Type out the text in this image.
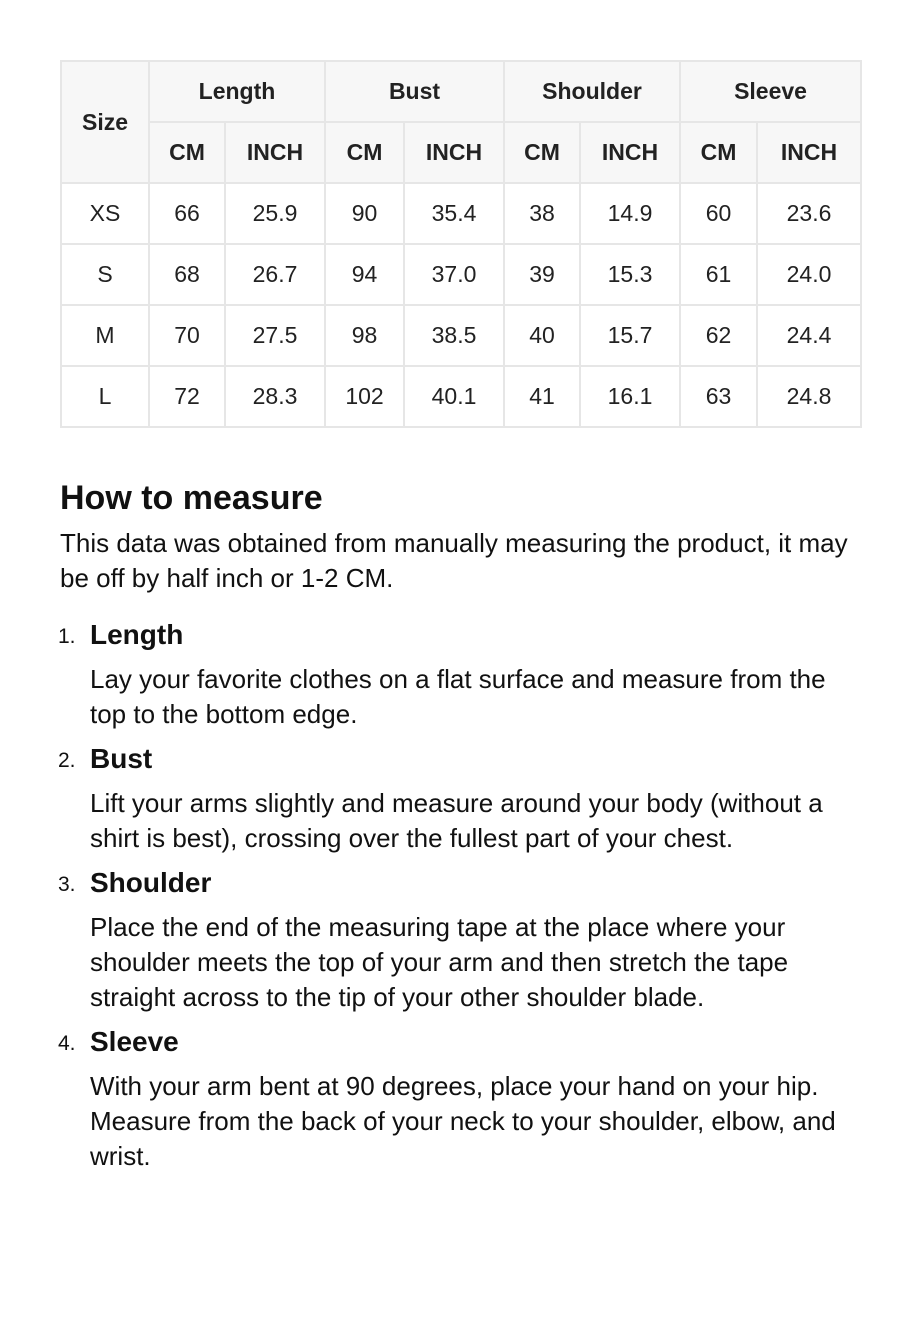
Size	Length		Bust		Shoulder		Sleeve	
	CM	INCH	CM	INCH	CM	INCH	CM	INCH
XS	66	25.9	90	35.4	38	14.9	60	23.6
S	68	26.7	94	37.0	39	15.3	61	24.0
M	70	27.5	98	38.5	40	15.7	62	24.4
L	72	28.3	102	40.1	41	16.1	63	24.8
How to measure

This data was obtained from manually measuring the product, it may be off by half inch or 1-2 CM.

1. Length

Lay your favorite clothes on a flat surface and measure from the top to the bottom edge.

2. Bust

Lift your arms slightly and measure around your body (without a shirt is best), crossing over the fullest part of your chest.

3. Shoulder

Place the end of the measuring tape at the place where your shoulder meets the top of your arm and then stretch the tape straight across to the tip of your other shoulder blade.

4. Sleeve

With your arm bent at 90 degrees, place your hand on your hip. Measure from the back of your neck to your shoulder, elbow, and wrist.
